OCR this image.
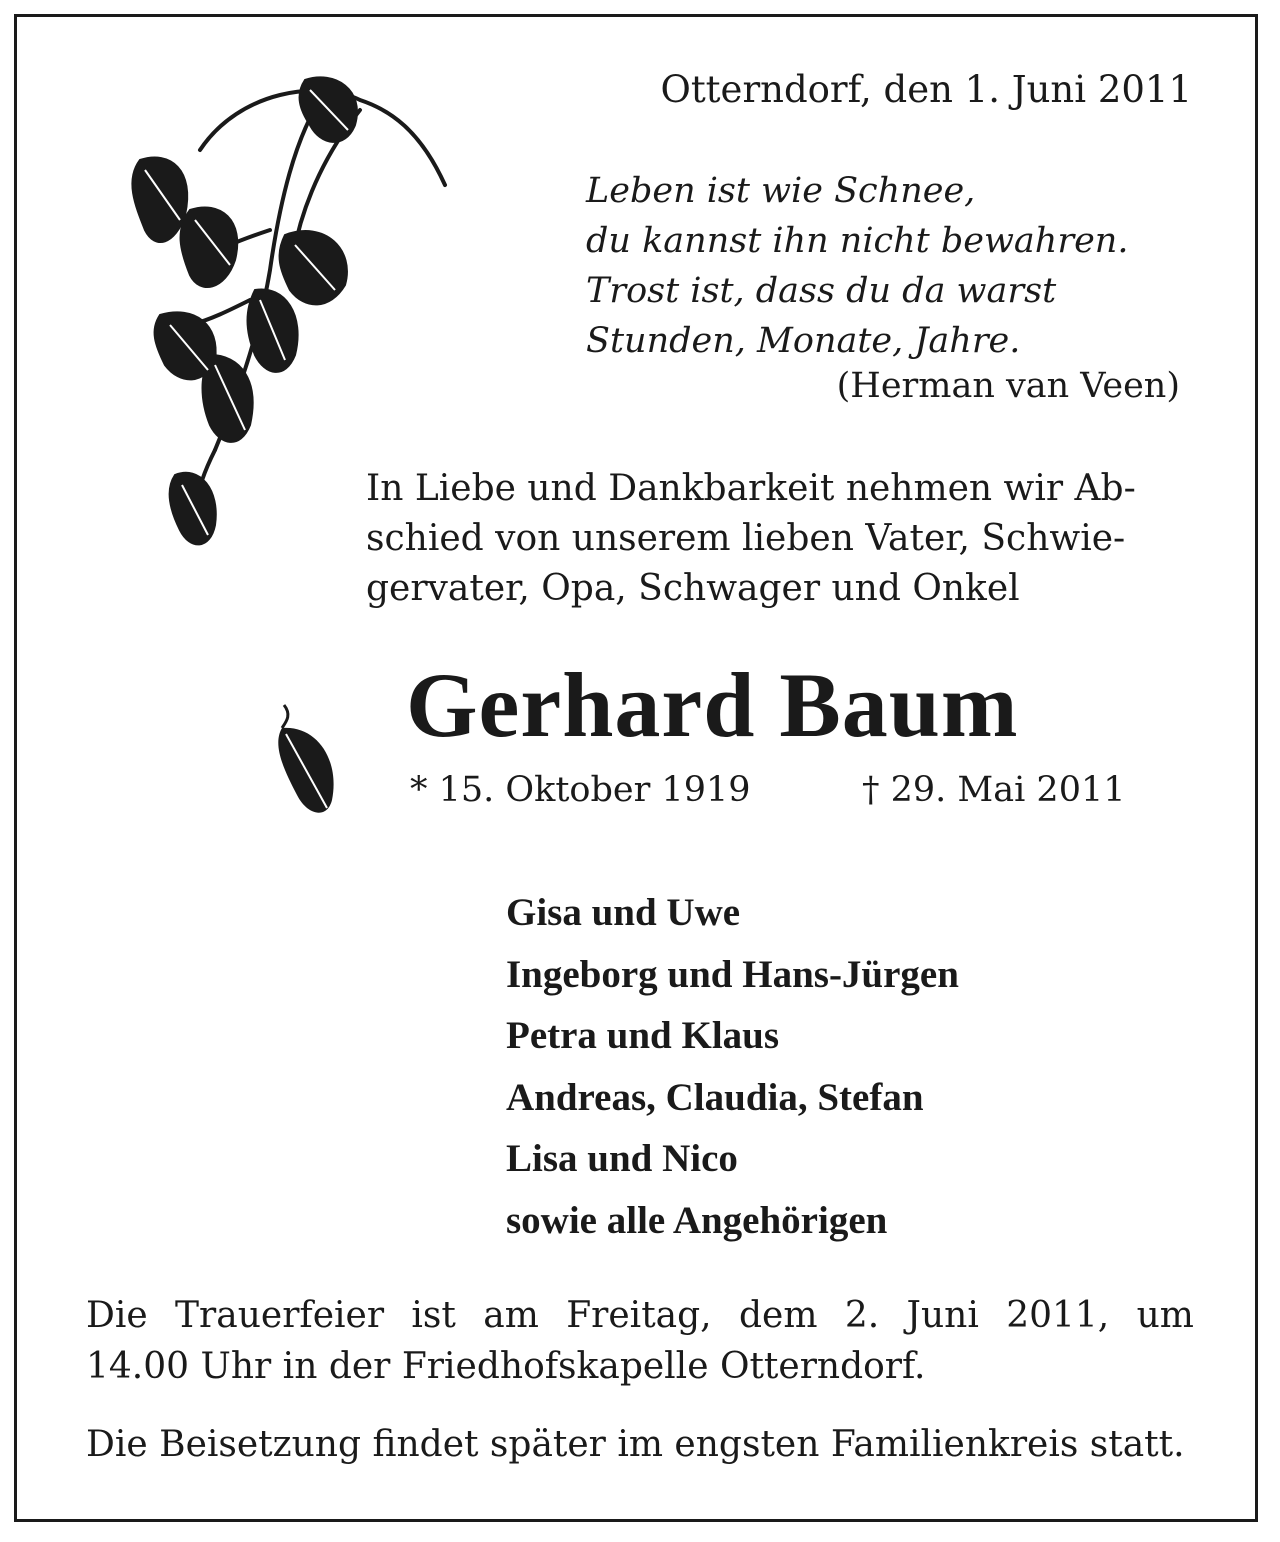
Otterndorf, den 1. Juni 2011
Leben ist wie Schnee,
du kannst ihn nicht bewahren.
Trost ist, dass du da warst
Stunden, Monate, Jahre.
(Herman van Veen)
In Liebe und Dankbarkeit nehmen wir Ab-
schied von unserem lieben Vater, Schwie-
gervater, Opa, Schwager und Onkel
Gerhard Baum
* 15. Oktober 1919	† 29. Mai 2011
Gisa und Uwe
Ingeborg und Hans-Jürgen
Petra und Klaus
Andreas, Claudia, Stefan
Lisa und Nico
sowie alle Angehörigen
Die Trauerfeier ist am Freitag, dem 2. Juni 2011, um
14.00 Uhr in der Friedhofskapelle Otterndorf.
Die Beisetzung findet später im engsten Familienkreis statt.
